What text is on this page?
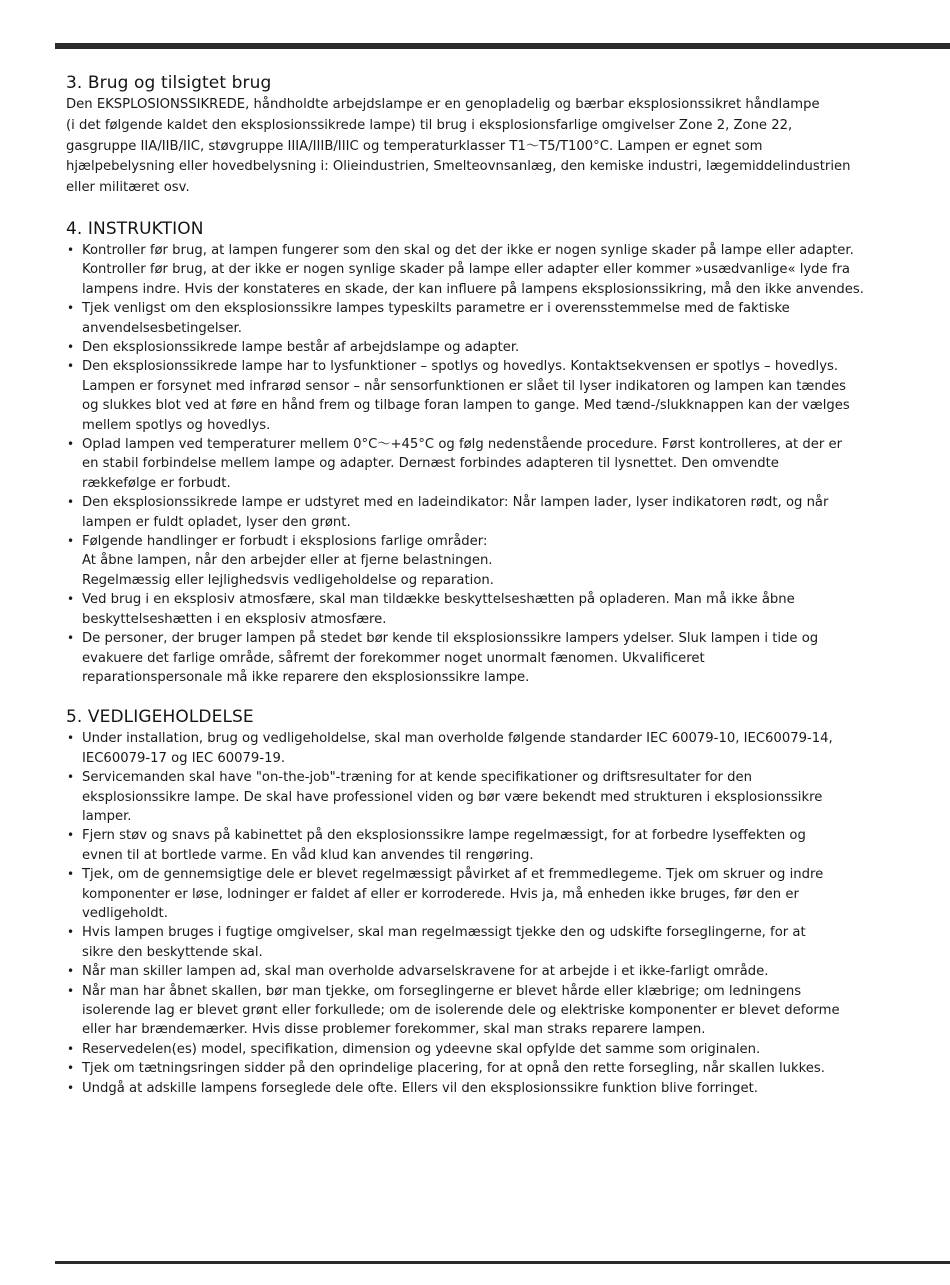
3. Brug og tilsigtet brug

Den EKSPLOSIONSSIKREDE, håndholdte arbejdslampe er en genopladelig og bærbar eksplosionssikret håndlampe
(i det følgende kaldet den eksplosionssikrede lampe) til brug i eksplosionsfarlige omgivelser Zone 2, Zone 22,
gasgruppe IIA/IIB/IIC, støvgruppe IIIA/IIIB/IIIC og temperaturklasser T1～T5/T100°C. Lampen er egnet som
hjælpebelysning eller hovedbelysning i: Olieindustrien, Smelteovnsanlæg, den kemiske industri, lægemiddelindustrien
eller militæret osv.

4. INSTRUKTION
• Kontroller før brug, at lampen fungerer som den skal og det der ikke er nogen synlige skader på lampe eller adapter.
Kontroller før brug, at der ikke er nogen synlige skader på lampe eller adapter eller kommer »usædvanlige« lyde fra
lampens indre. Hvis der konstateres en skade, der kan influere på lampens eksplosionssikring, må den ikke anvendes.
• Tjek venligst om den eksplosionssikre lampes typeskilts parametre er i overensstemmelse med de faktiske
anvendelsesbetingelser.
• Den eksplosionssikrede lampe består af arbejdslampe og adapter.
• Den eksplosionssikrede lampe har to lysfunktioner – spotlys og hovedlys. Kontaktsekvensen er spotlys – hovedlys.
Lampen er forsynet med infrarød sensor – når sensorfunktionen er slået til lyser indikatoren og lampen kan tændes
og slukkes blot ved at føre en hånd frem og tilbage foran lampen to gange. Med tænd-/slukknappen kan der vælges
mellem spotlys og hovedlys.
• Oplad lampen ved temperaturer mellem 0°C～+45°C og følg nedenstående procedure. Først kontrolleres, at der er
en stabil forbindelse mellem lampe og adapter. Dernæst forbindes adapteren til lysnettet. Den omvendte
rækkefølge er forbudt.
• Den eksplosionssikrede lampe er udstyret med en ladeindikator: Når lampen lader, lyser indikatoren rødt, og når
lampen er fuldt opladet, lyser den grønt.
• Følgende handlinger er forbudt i eksplosions farlige områder:
At åbne lampen, når den arbejder eller at fjerne belastningen.
Regelmæssig eller lejlighedsvis vedligeholdelse og reparation.
• Ved brug i en eksplosiv atmosfære, skal man tildække beskyttelseshætten på opladeren. Man må ikke åbne
beskyttelseshætten i en eksplosiv atmosfære.
• De personer, der bruger lampen på stedet bør kende til eksplosionssikre lampers ydelser. Sluk lampen i tide og
evakuere det farlige område, såfremt der forekommer noget unormalt fænomen. Ukvalificeret
reparationspersonale må ikke reparere den eksplosionssikre lampe.
5. VEDLIGEHOLDELSE
• Under installation, brug og vedligeholdelse, skal man overholde følgende standarder IEC 60079-10, IEC60079-14,
IEC60079-17 og IEC 60079-19.
• Servicemanden skal have "on-the-job"-træning for at kende specifikationer og driftsresultater for den
eksplosionssikre lampe. De skal have professionel viden og bør være bekendt med strukturen i eksplosionssikre
lamper.
• Fjern støv og snavs på kabinettet på den eksplosionssikre lampe regelmæssigt, for at forbedre lyseffekten og
evnen til at bortlede varme. En våd klud kan anvendes til rengøring.
• Tjek, om de gennemsigtige dele er blevet regelmæssigt påvirket af et fremmedlegeme. Tjek om skruer og indre
komponenter er løse, lodninger er faldet af eller er korroderede. Hvis ja, må enheden ikke bruges, før den er
vedligeholdt.
• Hvis lampen bruges i fugtige omgivelser, skal man regelmæssigt tjekke den og udskifte forseglingerne, for at
sikre den beskyttende skal.
• Når man skiller lampen ad, skal man overholde advarselskravene for at arbejde i et ikke-farligt område.
• Når man har åbnet skallen, bør man tjekke, om forseglingerne er blevet hårde eller klæbrige; om ledningens
isolerende lag er blevet grønt eller forkullede; om de isolerende dele og elektriske komponenter er blevet deforme
eller har brændemærker. Hvis disse problemer forekommer, skal man straks reparere lampen.
• Reservedelen(es) model, specifikation, dimension og ydeevne skal opfylde det samme som originalen.
• Tjek om tætningsringen sidder på den oprindelige placering, for at opnå den rette forsegling, når skallen lukkes.
• Undgå at adskille lampens forseglede dele ofte. Ellers vil den eksplosionssikre funktion blive forringet.
